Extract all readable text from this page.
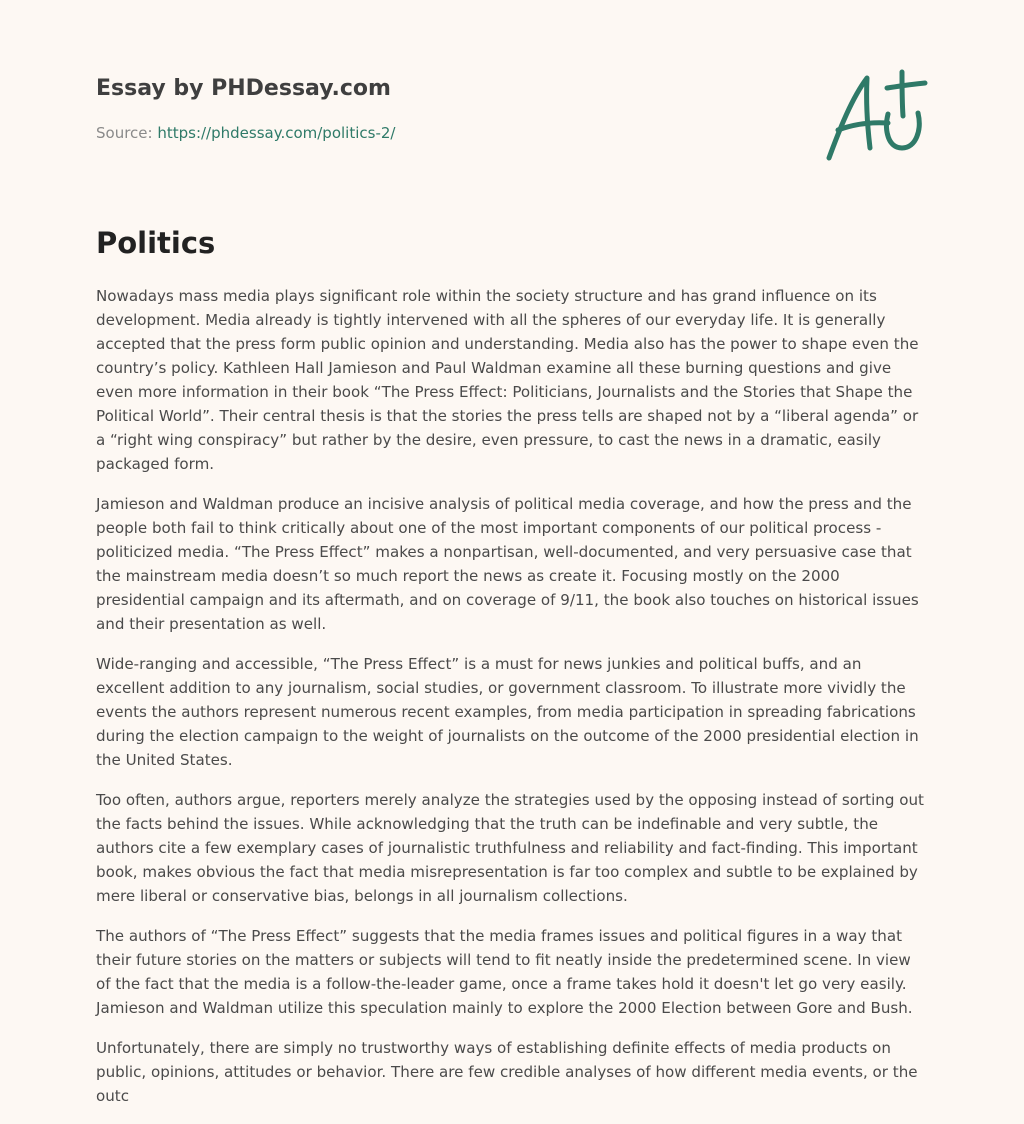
Essay by PHDessay.com
Source: https://phdessay.com/politics-2/
Politics

Nowadays mass media plays significant role within the society structure and has grand influence on its development. Media already is tightly intervened with all the spheres of our everyday life. It is generally accepted that the press form public opinion and understanding. Media also has the power to shape even the country’s policy. Kathleen Hall Jamieson and Paul Waldman examine all these burning questions and give even more information in their book “The Press Effect: Politicians, Journalists and the Stories that Shape the Political World”. Their central thesis is that the stories the press tells are shaped not by a “liberal agenda” or a “right wing conspiracy” but rather by the desire, even pressure, to cast the news in a dramatic, easily packaged form.

Jamieson and Waldman produce an incisive analysis of political media coverage, and how the press and the people both fail to think critically about one of the most important components of our political process - politicized media. “The Press Effect” makes a nonpartisan, well-documented, and very persuasive case that the mainstream media doesn’t so much report the news as create it. Focusing mostly on the 2000 presidential campaign and its aftermath, and on coverage of 9/11, the book also touches on historical issues and their presentation as well.

Wide-ranging and accessible, “The Press Effect” is a must for news junkies and political buffs, and an excellent addition to any journalism, social studies, or government classroom. To illustrate more vividly the events the authors represent numerous recent examples, from media participation in spreading fabrications during the election campaign to the weight of journalists on the outcome of the 2000 presidential election in the United States.

Too often, authors argue, reporters merely analyze the strategies used by the opposing instead of sorting out the facts behind the issues. While acknowledging that the truth can be indefinable and very subtle, the authors cite a few exemplary cases of journalistic truthfulness and reliability and fact-finding. This important book, makes obvious the fact that media misrepresentation is far too complex and subtle to be explained by mere liberal or conservative bias, belongs in all journalism collections.

The authors of “The Press Effect” suggests that the media frames issues and political figures in a way that their future stories on the matters or subjects will tend to fit neatly inside the predetermined scene. In view of the fact that the media is a follow-the-leader game, once a frame takes hold it doesn't let go very easily. Jamieson and Waldman utilize this speculation mainly to explore the 2000 Election between Gore and Bush.

Unfortunately, there are simply no trustworthy ways of establishing definite effects of media products on public, opinions, attitudes or behavior. There are few credible analyses of how different media events, or the outc
